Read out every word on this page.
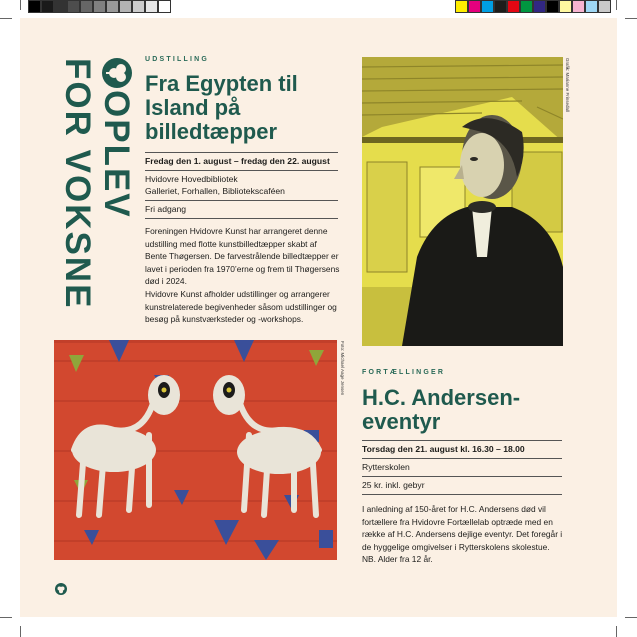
OPLEV
FOR VOKSNE	UDSTILLING
Fra Egypten til
Island på
billedtæpper
Fredag den 1. august – fredag den 22. august
Hvidovre Hovedbibliotek
Galleriet, Forhallen, Bibliotekscaféen
Fri adgang

Foreningen Hvidovre Kunst har arrangeret denne udstilling med flotte kunstbilledtæpper skabt af Bente Thøgersen. De farvestrålende billedtæpper er lavet i perioden fra 1970’erne og frem til Thøgersens død i 2024.

Hvidovre Kunst afholder udstillinger og arrangerer kunstrelaterede begivenheder såsom udstillinger og besøg på kunstværksteder og -workshops.

Grafik: Marianne Frinsedall
Foto: Michael Aage Jensen FORTÆLLINGER
H.C. Andersen-
eventyr
Torsdag den 21. august kl. 16.30 – 18.00
Rytterskolen
25 kr. inkl. gebyr

I anledning af 150-året for H.C. Andersens død vil fortællere fra Hvidovre Fortællelab optræde med en række af H.C. Andersens dejlige eventyr. Det foregår i de hyggelige omgivelser i Rytterskolens skolestue. NB. Alder fra 12 år.
